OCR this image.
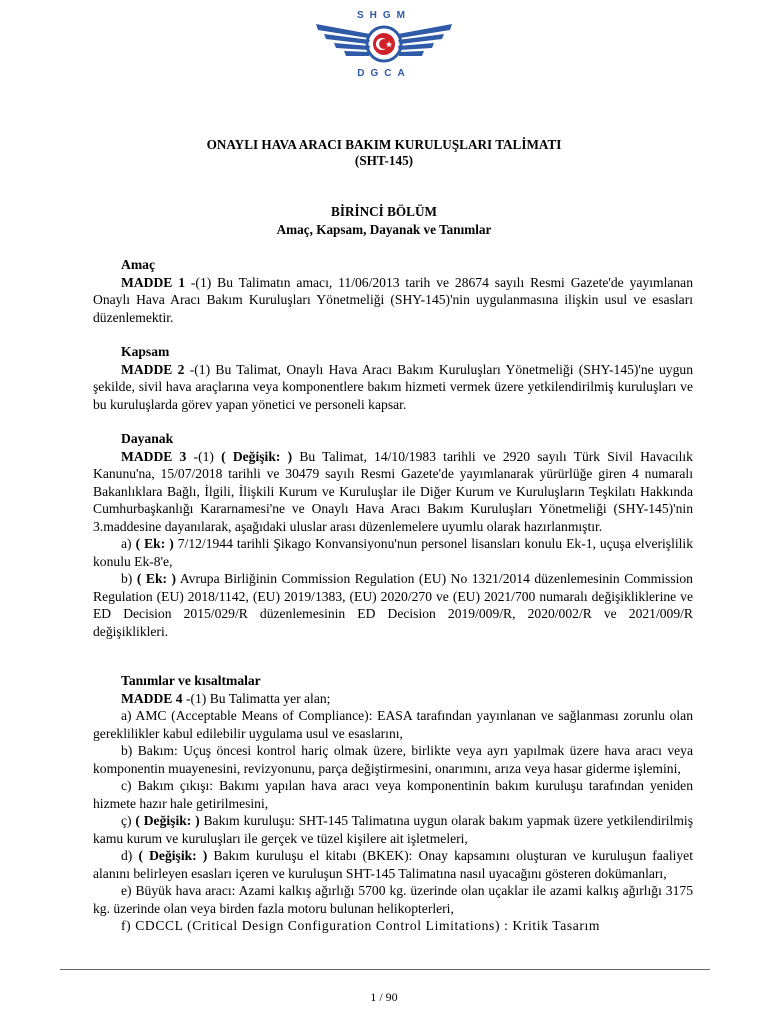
SHGM
DGCA
ONAYLI HAVA ARACI BAKIM KURULUŞLARI TALİMATI
(SHT-145)
BİRİNCİ BÖLÜM
Amaç, Kapsam, Dayanak ve Tanımlar

Amaç

MADDE 1 -(1) Bu Talimatın amacı, 11/06/2013 tarih ve 28674 sayılı Resmi Gazete'de yayımlanan Onaylı Hava Aracı Bakım Kuruluşları Yönetmeliği (SHY-145)'nin uygulanmasına ilişkin usul ve esasları düzenlemektir.

Kapsam

MADDE 2 -(1) Bu Talimat, Onaylı Hava Aracı Bakım Kuruluşları Yönetmeliği (SHY-145)'ne uygun şekilde, sivil hava araçlarına veya komponentlere bakım hizmeti vermek üzere yetkilendirilmiş kuruluşları ve bu kuruluşlarda görev yapan yönetici ve personeli kapsar.

Dayanak

MADDE 3 -(1) ( Değişik: ) Bu Talimat, 14/10/1983 tarihli ve 2920 sayılı Türk Sivil Havacılık Kanunu'na, 15/07/2018 tarihli ve 30479 sayılı Resmi Gazete'de yayımlanarak yürürlüğe giren 4 numaralı Bakanlıklara Bağlı, İlgili, İlişkili Kurum ve Kuruluşlar ile Diğer Kurum ve Kuruluşların Teşkilatı Hakkında Cumhurbaşkanlığı Kararnamesi'ne ve Onaylı Hava Aracı Bakım Kuruluşları Yönetmeliği (SHY-145)'nin 3.maddesine dayanılarak, aşağıdaki uluslar arası düzenlemelere uyumlu olarak hazırlanmıştır.

a) ( Ek: ) 7/12/1944 tarihli Şikago Konvansiyonu'nun personel lisansları konulu Ek-1, uçuşa elverişlilik konulu Ek-8'e,

b) ( Ek: ) Avrupa Birliğinin Commission Regulation (EU) No 1321/2014 düzenlemesinin Commission Regulation (EU) 2018/1142, (EU) 2019/1383, (EU) 2020/270 ve (EU) 2021/700 numaralı değişikliklerine ve ED Decision 2015/029/R düzenlemesinin ED Decision 2019/009/R, 2020/002/R ve 2021/009/R değişiklikleri.

Tanımlar ve kısaltmalar

MADDE 4 -(1) Bu Talimatta yer alan;

a) AMC (Acceptable Means of Compliance): EASA tarafından yayınlanan ve sağlanması zorunlu olan gereklilikler kabul edilebilir uygulama usul ve esaslarını,

b) Bakım: Uçuş öncesi kontrol hariç olmak üzere, birlikte veya ayrı yapılmak üzere hava aracı veya komponentin muayenesini, revizyonunu, parça değiştirmesini, onarımını, arıza veya hasar giderme işlemini,

c) Bakım çıkışı: Bakımı yapılan hava aracı veya komponentinin bakım kuruluşu tarafından yeniden hizmete hazır hale getirilmesini,

ç) ( Değişik: ) Bakım kuruluşu: SHT-145 Talimatına uygun olarak bakım yapmak üzere yetkilendirilmiş kamu kurum ve kuruluşları ile gerçek ve tüzel kişilere ait işletmeleri,

d) ( Değişik: ) Bakım kuruluşu el kitabı (BKEK): Onay kapsamını oluşturan ve kuruluşun faaliyet alanını belirleyen esasları içeren ve kuruluşun SHT-145 Talimatına nasıl uyacağını gösteren dokümanları,

e) Büyük hava aracı: Azami kalkış ağırlığı 5700 kg. üzerinde olan uçaklar ile azami kalkış ağırlığı 3175 kg. üzerinde olan veya birden fazla motoru bulunan helikopterleri,

f) CDCCL (Critical Design Configuration Control Limitations) : Kritik Tasarım

1 / 90
